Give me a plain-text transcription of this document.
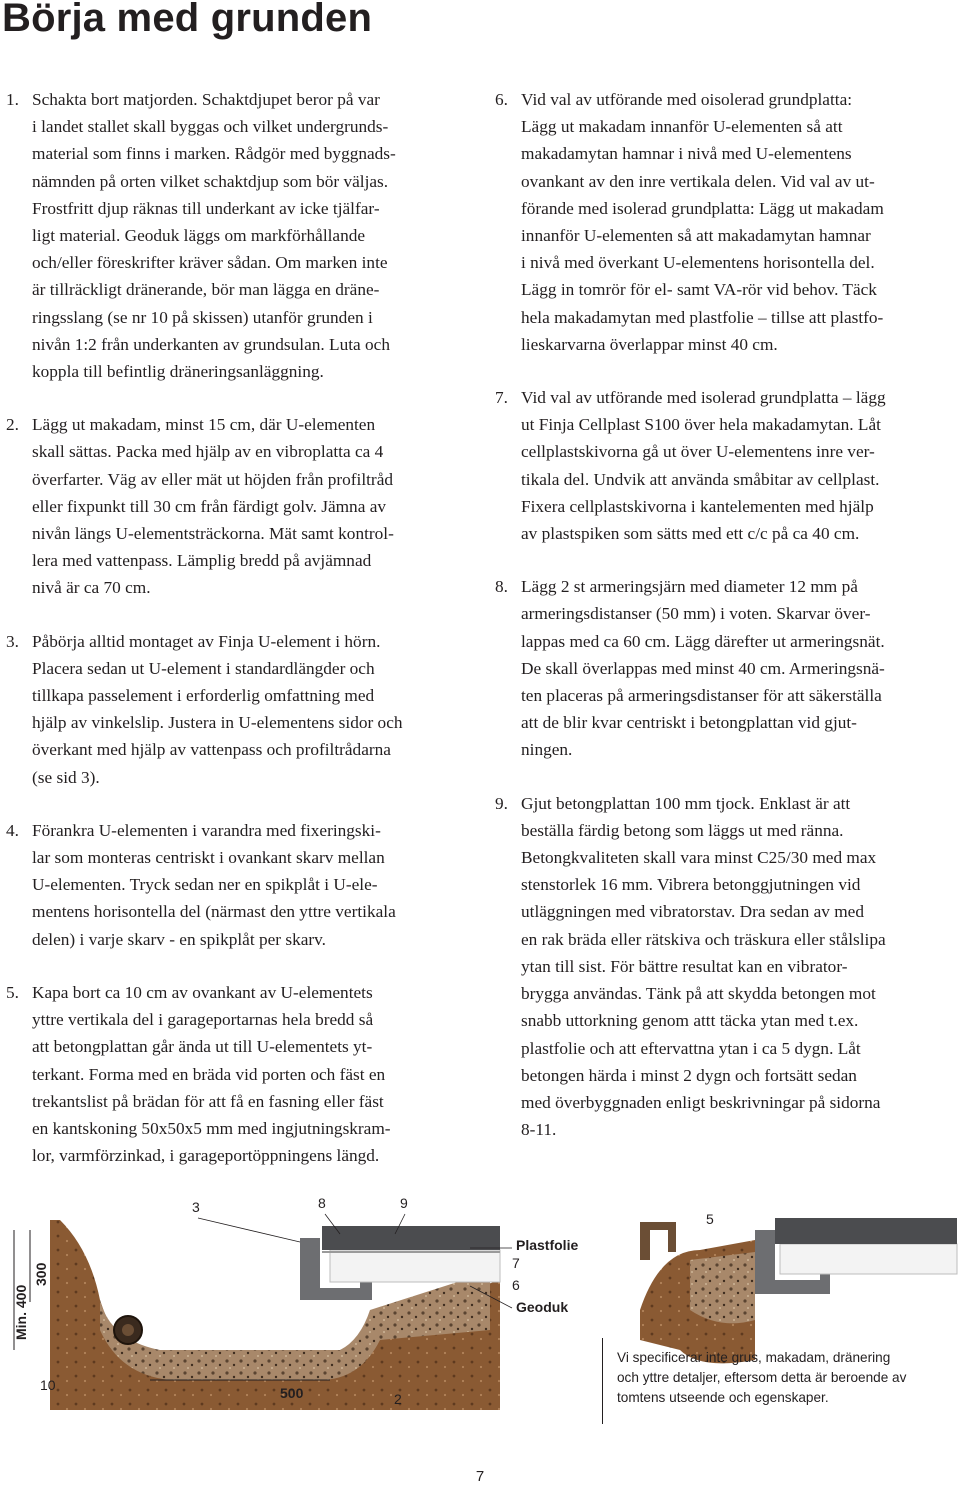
Börja med grunden
1. Schakta bort matjorden. Schaktdjupet beror på var
i landet stallet skall byggas och vilket undergrunds-
material som finns i marken. Rådgör med byggnads-
nämnden på orten vilket schaktdjup som bör väljas.
Frostfritt djup räknas till underkant av icke tjälfar-
ligt material. Geoduk läggs om markförhållande
och/eller föreskrifter kräver sådan. Om marken inte
är tillräckligt dränerande, bör man lägga en dräne-
ringsslang (se nr 10 på skissen) utanför grunden i
nivån 1:2 från underkanten av grundsulan. Luta och
koppla till befintlig dräneringsanläggning.
2. Lägg ut makadam, minst 15 cm, där U-elementen
skall sättas. Packa med hjälp av en vibroplatta ca 4
överfarter. Väg av eller mät ut höjden från profiltråd
eller fixpunkt till 30 cm från färdigt golv. Jämna av
nivån längs U-elementsträckorna. Mät samt kontrol-
lera med vattenpass. Lämplig bredd på avjämnad
nivå är ca 70 cm.
3. Påbörja alltid montaget av Finja U-element i hörn.
Placera sedan ut U-element i standardlängder och
tillkapa passelement i erforderlig omfattning med
hjälp av vinkelslip. Justera in U-elementens sidor och
överkant med hjälp av vattenpass och profiltrådarna
(se sid 3).
4. Förankra U-elementen i varandra med fixeringski-
lar som monteras centriskt i ovankant skarv mellan
U-elementen. Tryck sedan ner en spikplåt i U-ele-
mentens horisontella del (närmast den yttre vertikala
delen) i varje skarv - en spikplåt per skarv.
5. Kapa bort ca 10 cm av ovankant av U-elementets
yttre vertikala del i garageportarnas hela bredd så
att betongplattan går ända ut till U-elementets yt-
terkant. Forma med en bräda vid porten och fäst en
trekantslist på brädan för att få en fasning eller fäst
en kantskoning 50x50x5 mm med ingjutningskram-
lor, varmförzinkad, i garageportöppningens längd.
6. Vid val av utförande med oisolerad grundplatta:
Lägg ut makadam innanför U-elementen så att
makadamytan hamnar i nivå med U-elementens
ovankant av den inre vertikala delen. Vid val av ut-
förande med isolerad grundplatta: Lägg ut makadam
innanför U-elementen så att makadamytan hamnar
i nivå med överkant U-elementens horisontella del.
Lägg in tomrör för el- samt VA-rör vid behov. Täck
hela makadamytan med plastfolie – tillse att plastfo-
lieskarvarna överlappar minst 40 cm.
7. Vid val av utförande med isolerad grundplatta – lägg
ut Finja Cellplast S100 över hela makadamytan. Låt
cellplastskivorna gå ut över U-elementens inre ver-
tikala del. Undvik att använda småbitar av cellplast.
Fixera cellplastskivorna i kantelementen med hjälp
av plastspiken som sätts med ett c/c på ca 40 cm.
8. Lägg 2 st armeringsjärn med diameter 12 mm på
armeringsdistanser (50 mm) i voten. Skarvar över-
lappas med ca 60 cm. Lägg därefter ut armeringsnät.
De skall överlappas med minst 40 cm. Armeringsnä-
ten placeras på armeringsdistanser för att säkerställa
att de blir kvar centriskt i betongplattan vid gjut-
ningen.
9. Gjut betongplattan 100 mm tjock. Enklast är att
beställa färdig betong som läggs ut med ränna.
Betongkvaliteten skall vara minst C25/30 med max
stenstorlek 16 mm. Vibrera betonggjutningen vid
utläggningen med vibratorstav. Dra sedan av med
en rak bräda eller rätskiva och träskura eller stålslipa
ytan till sist. För bättre resultat kan en vibrator-
brygga användas. Tänk på att skydda betongen mot
snabb uttorkning genom attt täcka ytan med t.ex.
plastfolie och att eftervattna ytan i ca 5 dygn. Låt
betongen härda i minst 2 dygn och fortsätt sedan
med överbyggnaden enligt beskrivningar på sidorna
8-11.
3	8	9
5
7
6
10
2
Plastfolie
Geoduk
500
300
Min. 400
Vi specificerar inte grus, makadam, dränering
och yttre detaljer, eftersom detta är beroende av
tomtens utseende och egenskaper.
7
